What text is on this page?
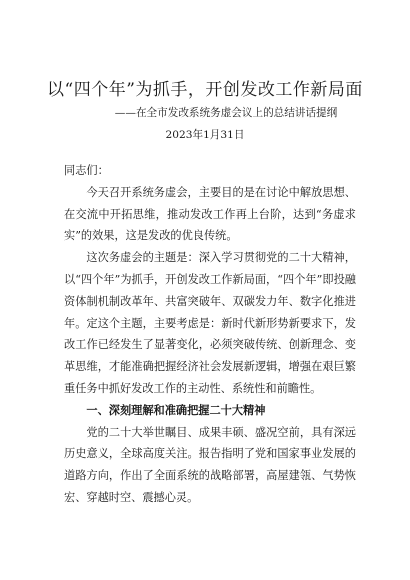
以“四个年”为抓手，开创发改工作新局面
——在全市发改系统务虚会议上的总结讲话提纲
2023年1月31日

同志们：

今天召开系统务虚会，主要目的是在讨论中解放思想、在交流中开拓思维，推动发改工作再上台阶，达到“务虚求实”的效果，这是发改的优良传统。

这次务虚会的主题是：深入学习贯彻党的二十大精神，以“四个年”为抓手，开创发改工作新局面，“四个年”即投融资体制机制改革年、共富突破年、双碳发力年、数字化推进年。定这个主题，主要考虑是：新时代新形势新要求下，发改工作已经发生了显著变化，必须突破传统、创新理念、变革思维，才能准确把握经济社会发展新逻辑，增强在艰巨繁重任务中抓好发改工作的主动性、系统性和前瞻性。

一、深刻理解和准确把握二十大精神

党的二十大举世瞩目、成果丰硕、盛况空前，具有深远历史意义，全球高度关注。报告指明了党和国家事业发展的道路方向，作出了全面系统的战略部署，高屋建瓴、气势恢宏、穿越时空、震撼心灵。
